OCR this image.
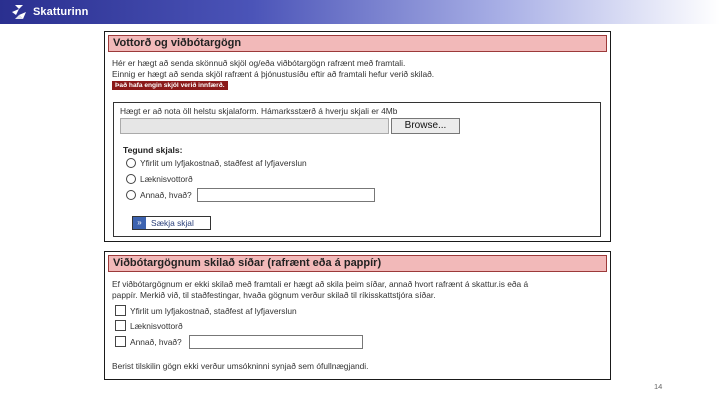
Skatturinn
Vottorð og viðbótargögn
Hér er hægt að senda skönnuð skjöl og/eða viðbótargögn rafrænt með framtali.
Einnig er hægt að senda skjöl rafrænt á þjónustusíðu eftir að framtali hefur verið skilað.
Það hafa engin skjöl verið innfærð.
Hægt er að nota öll helstu skjalaform. Hámarksstærð á hverju skjali er 4Mb
Browse...
Tegund skjals:
Yfirlit um lyfjakostnað, staðfest af lyfjaverslun
Læknisvottorð
Annað, hvað?
»	Sækja skjal
Viðbótargögnum skilað síðar (rafrænt eða á pappír)
Ef viðbótargögnum er ekki skilað með framtali er hægt að skila þeim síðar, annað hvort rafrænt á skattur.is eða á
pappír. Merkið við, til staðfestingar, hvaða gögnum verður skilað til ríkisskattstjóra síðar.
Yfirlit um lyfjakostnað, staðfest af lyfjaverslun
Læknisvottorð
Annað, hvað?
Berist tilskilin gögn ekki verður umsókninni synjað sem ófullnægjandi.
14
